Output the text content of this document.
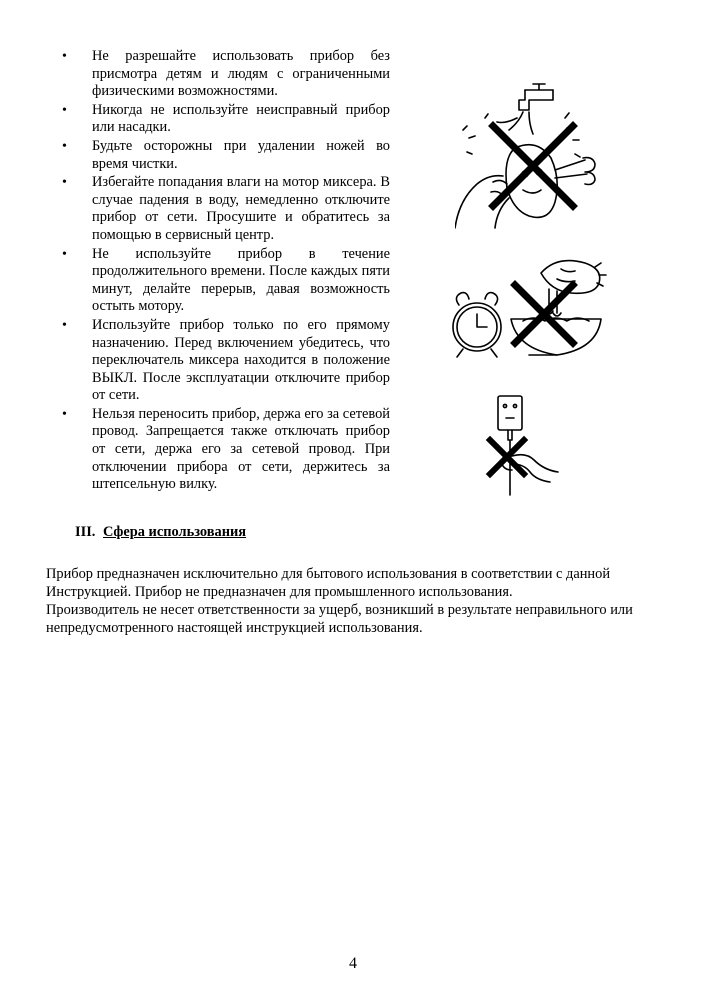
• Не разрешайте использовать прибор без присмотра детям и людям с ограниченными физическими возможностями.
• Никогда не используйте неисправный прибор или насадки.
• Будьте осторожны при удалении ножей во время чистки.
• Избегайте попадания влаги на мотор миксера. В случае падения в воду, немедленно отключите прибор от сети. Просушите и обратитесь за помощью в сервисный центр.
• Не используйте прибор в течение продолжительного времени. После каждых пяти минут, делайте перерыв, давая возможность остыть мотору.
• Используйте прибор только по его прямому назначению. Перед включением убедитесь, что переключатель миксера находится в положение ВЫКЛ. После эксплуатации отключите прибор от сети.
• Нельзя переносить прибор, держа его за сетевой провод. Запрещается также отключать прибор от сети, держа его за сетевой провод. При отключении прибора от сети, держитесь за штепсельную вилку.
III. Сфера использования

Прибор предназначен исключительно для бытового использования в соответствии с данной Инструкцией. Прибор не предназначен для промышленного использования.

Производитель не несет ответственности за ущерб, возникший в результате неправильного или непредусмотренного настоящей инструкцией использования.

4
